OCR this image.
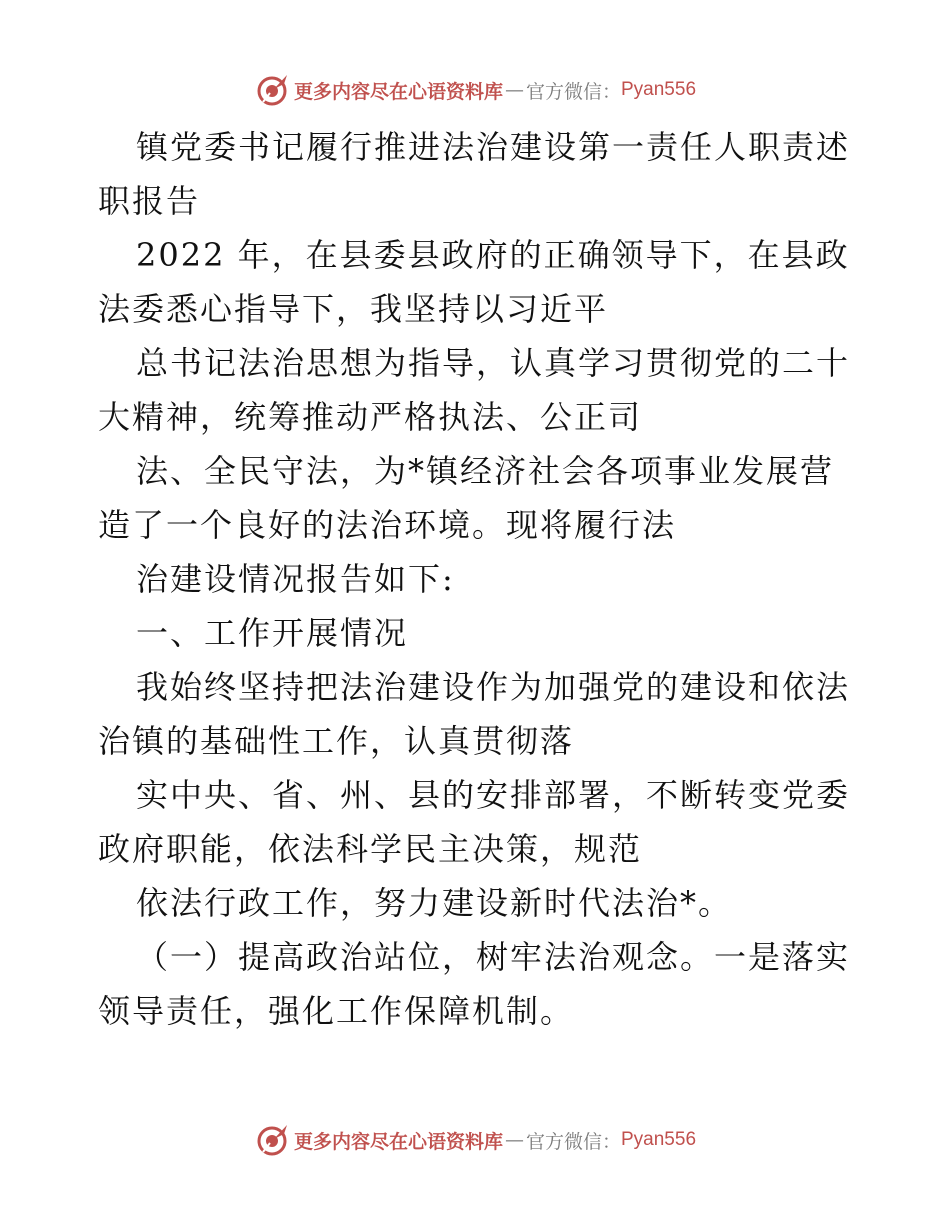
更多内容尽在心语资料库 — 官方微信： Pyan556
镇党委书记履行推进法治建设第一责任人职责述
职报告
2022 年，在县委县政府的正确领导下，在县政
法委悉心指导下，我坚持以习近平
总书记法治思想为指导，认真学习贯彻党的二十
大精神，统筹推动严格执法、公正司
法、全民守法，为*镇经济社会各项事业发展营
造了一个良好的法治环境。现将履行法
治建设情况报告如下:
一、工作开展情况
我始终坚持把法治建设作为加强党的建设和依法
治镇的基础性工作，认真贯彻落
实中央、省、州、县的安排部署，不断转变党委
政府职能，依法科学民主决策，规范
依法行政工作，努力建设新时代法治*。
（一）提高政治站位，树牢法治观念。一是落实
领导责任，强化工作保障机制。
更多内容尽在心语资料库 — 官方微信： Pyan556
